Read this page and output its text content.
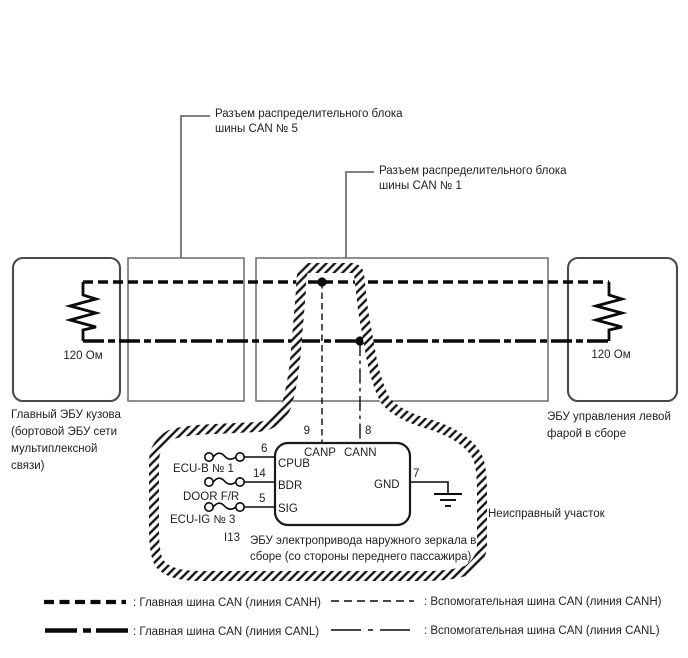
Разъем распределительного блока
шины CAN № 5
Разъем распределительного блока
шины CAN № 1
120 Ом	120 Ом
Главный ЭБУ кузова
(бортовой ЭБУ сети
мультиплексной
связи)
ЭБУ управления левой
фарой в сборе
9	8
CANP CANN
6
14
5
CPUB
BDR
SIG
ECU-B № 1
DOOR F/R
ECU-IG № 3
GND
7
I13 ЭБУ электропривода наружного зеркала в
сборе (со стороны переднего пассажира)
Неисправный участок
: Главная шина CAN (линия CANH)
: Главная шина CAN (линия CANL)
: Вспомогательная шина CAN (линия CANH)
: Вспомогательная шина CAN (линия CANL)
